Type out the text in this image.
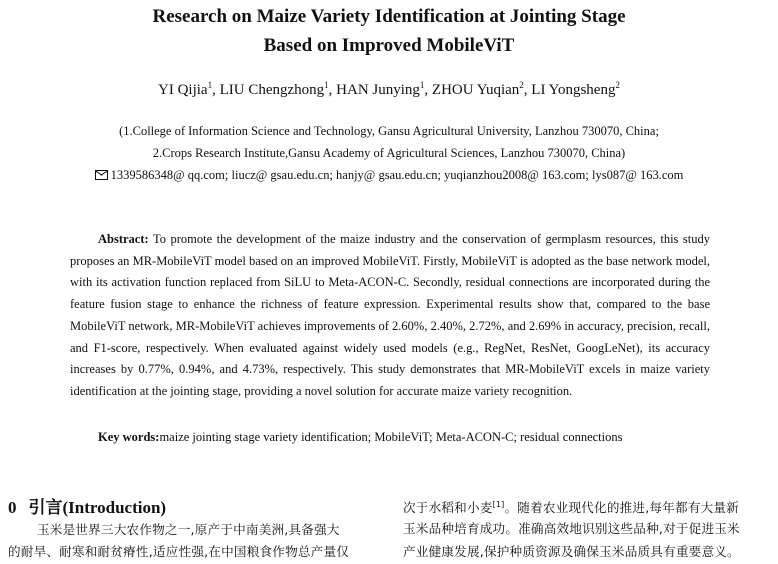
Research on Maize Variety Identification at Jointing Stage
Based on Improved MobileViT
YI Qijia$^1$, LIU Chengzhong$^1$, HAN Junying$^1$, ZHOU Yuqian$^2$, LI Yongsheng$^2$
(1.College of Information Science and Technology, Gansu Agricultural University, Lanzhou 730070, China;
2.Crops Research Institute,Gansu Academy of Agricultural Sciences, Lanzhou 730070, China)
1339586348@ qq.com; liucz@ gsau.edu.cn; hanjy@ gsau.edu.cn; yuqianzhou2008@ 163.com; lys087@ 163.com
Abstract: To promote the development of the maize industry and the conservation of germplasm resources, this study proposes an MR-MobileViT model based on an improved MobileViT. Firstly, MobileViT is adopted as the base network model, with its activation function replaced from SiLU to Meta-ACON-C. Secondly, residual connections are incorporated during the feature fusion stage to enhance the richness of feature expression. Experimental results show that, compared to the base MobileViT network, MR-MobileViT achieves improvements of 2.60%, 2.40%, 2.72%, and 2.69% in accuracy, precision, recall, and F1-score, respectively. When evaluated against widely used models (e.g., RegNet, ResNet, GoogLeNet), its accuracy increases by 0.77%, 0.94%, and 4.73%, respectively. This study demonstrates that MR-MobileViT excels in maize variety identification at the jointing stage, providing a novel solution for accurate maize variety recognition.
Key words:maize jointing stage variety identification; MobileViT; Meta-ACON-C; residual connections
0 引言(Introduction)
玉米是世界三大农作物之一,原产于中南美洲,具备强大
的耐旱、耐寒和耐贫瘠性,适应性强,在中国粮食作物总产量仅
次于水稻和小麦[1]。随着农业现代化的推进,每年都有大量新
玉米品种培育成功。准确高效地识别这些品种,对于促进玉米
产业健康发展,保护种质资源及确保玉米品质具有重要意义。
